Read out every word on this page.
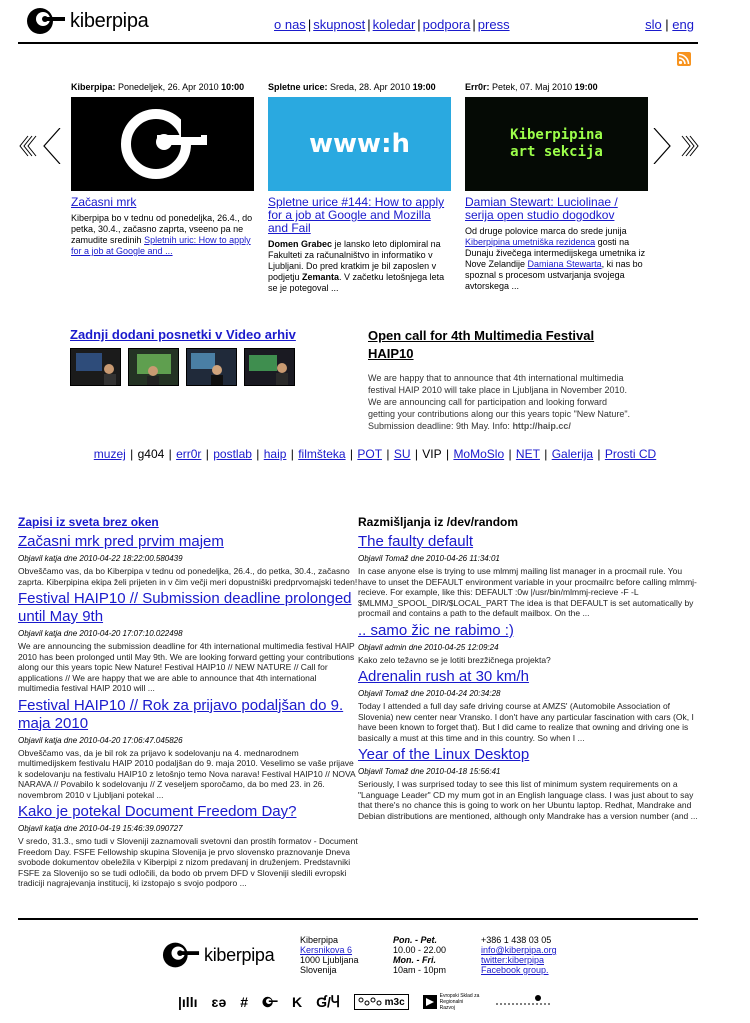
kiberpipa	o nas | skupnost | koledar | podpora | press	slo | eng
Kiberpipa: Ponedeljek, 26. Apr 2010 10:00
Začasni mrk
Kiberpipa bo v tednu od ponedeljka, 26.4., do petka, 30.4., začasno zaprta, vseeno pa ne zamudite sredinih Spletnih uric: How to apply for a job at Google and ...
Spletne urice: Sreda, 28. Apr 2010 19:00
www:h
Spletne urice #144: How to apply for a job at Google and Mozilla and Fail
Domen Grabec je lansko leto diplomiral na Fakulteti za računalništvo in informatiko v Ljubljani. Do pred kratkim je bil zaposlen v podjetju Zemanta. V začetku letošnjega leta se je potegoval ...
Err0r: Petek, 07. Maj 2010 19:00
Kiberpipina art sekcija
Damian Stewart: Luciolinae / serija open studio dogodkov
Od druge polovice marca do srede junija Kiberpipina umetniška rezidenca gosti na Dunaju živečega intermedijskega umetnika iz Nove Zelandije Damiana Stewarta, ki nas bo spoznal s procesom ustvarjanja svojega avtorskega ...
Zadnji dodani posnetki v Video arhiv	Open call for 4th Multimedia Festival HAIP10
We are happy that to announce that 4th international multimedia festival HAIP 2010 will take place in Ljubljana in November 2010. We are announcing call for participation and looking forward getting your contributions along our this years topic "New Nature". Submission deadline: 9th May. Info: http://haip.cc/
muzej | g404 | err0r | postlab | haip | filmšteka | POT | SU | VIP | MoMoSlo | NET | Galerija | Prosti CD
Zapisi iz sveta brez oken
Začasni mrk pred prvim majem
Objavil katja dne 2010-04-22 18:22:00.580439
Obveščamo vas, da bo Kiberpipa v tednu od ponedeljka, 26.4., do petka, 30.4., začasno zaprta. Kiberpipina ekipa želi prijeten in v čim večji meri dopustniški predprvomajski teden!
Festival HAIP10 // Submission deadline prolonged until May 9th
Objavil katja dne 2010-04-20 17:07:10.022498
We are announcing the submission deadline for 4th international multimedia festival HAIP 2010 has been prolonged until May 9th. We are looking forward getting your contributions along our this years topic New Nature! Festival HAIP10 // NEW NATURE // Call for applications // We are happy that we are able to announce that 4th international multimedia festival HAIP 2010 will ...
Festival HAIP10 // Rok za prijavo podaljšan do 9. maja 2010
Objavil katja dne 2010-04-20 17:06:47.045826
Obveščamo vas, da je bil rok za prijavo k sodelovanju na 4. mednarodnem multimedijskem festivalu HAIP 2010 podaljšan do 9. maja 2010. Veselimo se vaše prijave k sodelovanju na festivalu HAIP10 z letošnjo temo Nova narava! Festival HAIP10 // NOVA NARAVA // Povabilo k sodelovanju // Z veseljem sporočamo, da bo med 23. in 26. novembrom 2010 v Ljubljani potekal ...
Kako je potekal Document Freedom Day?
Objavil katja dne 2010-04-19 15:46:39.090727
V sredo, 31.3., smo tudi v Sloveniji zaznamovali svetovni dan prostih formatov - Document Freedom Day. FSFE Fellowship skupina Slovenija je prvo slovensko praznovanje Dneva svobode dokumentov obeležila v Kiberpipi z nizom predavanj in druženjem. Predstavniki FSFE za Slovenijo so se tudi odločili, da bodo ob prvem DFD v Sloveniji sledili evropski tradiciji nagrajevanja institucij, ki izstopajo s svojo podporo ...
Razmišljanja iz /dev/random
The faulty default
Objavil Tomaž dne 2010-04-26 11:34:01
In case anyone else is trying to use mlmmj mailing list manager in a procmail rule. You have to unset the DEFAULT environment variable in your procmailrc before calling mlmmj-recieve. For example, like this: DEFAULT :0w |/usr/bin/mlmmj-recieve -F -L $MLMMJ_SPOOL_DIR/$LOCAL_PART The idea is that DEFAULT is set automatically by procmail and contains a path to the default mailbox. On the ...
.. samo žic ne rabimo :)
Objavil admin dne 2010-04-25 12:09:24
Kako zelo težavno se je lotiti brezžičnega projekta?
Adrenalin rush at 30 km/h
Objavil Tomaž dne 2010-04-24 20:34:28
Today I attended a full day safe driving course at AMZS' (Automobile Association of Slovenia) new center near Vransko. I don't have any particular fascination with cars (Ok, I have been known to forget that). But I did came to realize that owning and driving one is basically a must at this time and in this country. So when I ...
Year of the Linux Desktop
Objavil Tomaž dne 2010-04-18 15:56:41
Seriously, I was surprised today to see this list of minimum system requirements on a "Language Leader" CD my mum got in an English language class. I was just about to say that there's no chance this is going to work on her Ubuntu laptop. Redhat, Mandrake and Debian distributions are mentioned, although only Mandrake has a version number (and ...
kiberpipa
Kiberpipa
Kersnikova 6
1000 Ljubljana
Slovenija
Pon. - Pet.
10.00 - 22.00
Mon. - Fri.
10am - 10pm
+386 1 438 03 05
info@kiberpipa.org
twitter:kiberpipa
Facebook group.
|ıllı ɛə #	K Ɠ/Ⴗ	m3c
Evropski Sklad za Regionalni Razvoj
